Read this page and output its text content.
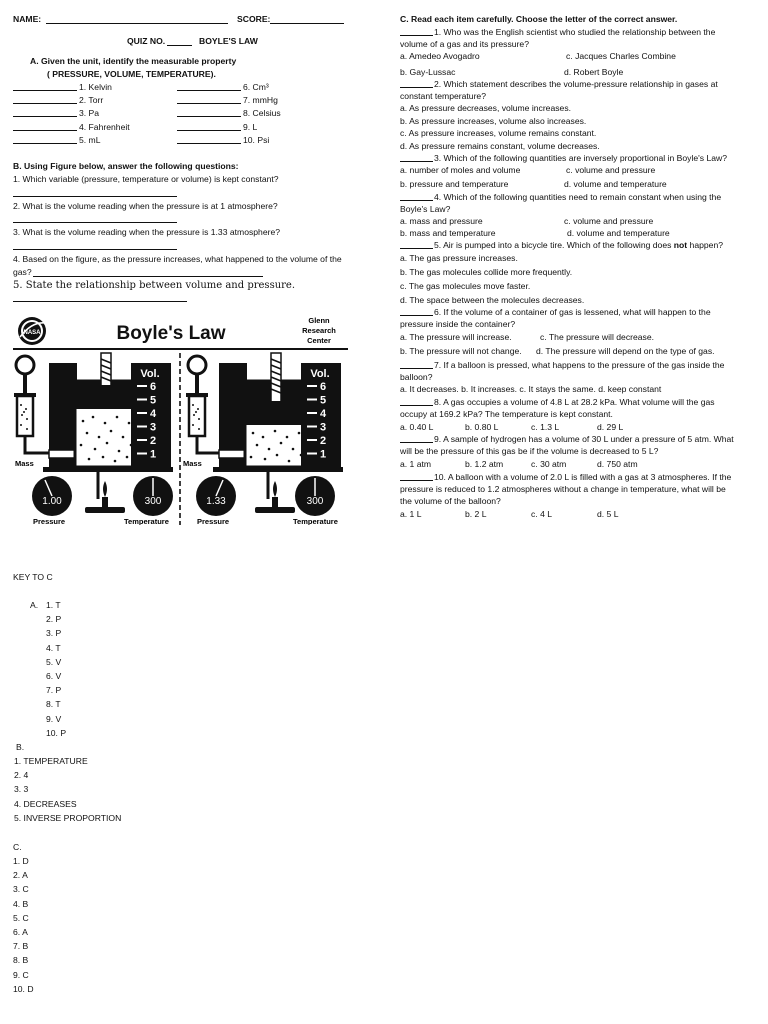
NAME:	SCORE:
QUIZ NO.	BOYLE'S LAW
A. Given the unit, identify the measurable property
( PRESSURE, VOLUME, TEMPERATURE).
1. Kelvin
2. Torr
3. Pa
4. Fahrenheit
5. mL
6. Cm³
7. mmHg
8. Celsius
9. L
10. Psi
B. Using Figure below, answer the following questions:
1. Which variable (pressure, temperature or volume) is kept constant?
2. What is the volume reading when the pressure is at 1 atmosphere?
3. What is the volume reading when the pressure is 1.33 atmosphere?
4. Based on the figure, as the pressure increases, what happened to the volume of the
gas?
5. State the relationship between volume and pressure.
NASA	Boyle's Law
Glenn
Research
Center
Vol.
6
5
4
3
2
1
Mass
1.00
Pressure
300
Temperature
Vol.
6
5
4
3
2
1
Mass
1.33
Pressure
300
Temperature
C. Read each item carefully. Choose the letter of the correct answer.
1. Who was the English scientist who studied the relationship between the
volume of a gas and its pressure?
a. Amedeo Avogadro	c. Jacques Charles Combine
b. Gay-Lussac	d. Robert Boyle
2. Which statement describes the volume-pressure relationship in gases at
constant temperature?
a. As pressure decreases, volume increases.
b. As pressure increases, volume also increases.
c. As pressure increases, volume remains constant.
d. As pressure remains constant, volume decreases.
3. Which of the following quantities are inversely proportional in Boyle's Law?
a. number of moles and volume	c. volume and pressure
b. pressure and temperature	d. volume and temperature
4. Which of the following quantities need to remain constant when using the
Boyle's Law?
a. mass and pressure	c. volume and pressure
b. mass and temperature	d. volume and temperature
5. Air is pumped into a bicycle tire. Which of the following does not happen?
a. The gas pressure increases.
b. The gas molecules collide more frequently.
c. The gas molecules move faster.
d. The space between the molecules decreases.
6. If the volume of a container of gas is lessened, what will happen to the
pressure inside the container?
a. The pressure will increase.	c. The pressure will decrease.
b. The pressure will not change. d. The pressure will depend on the type of gas.
7. If a balloon is pressed, what happens to the pressure of the gas inside the
balloon?
a. It decreases. b. It increases. c. It stays the same. d. keep constant
8. A gas occupies a volume of 4.8 L at 28.2 kPa. What volume will the gas
occupy at 169.2 kPa? The temperature is kept constant.
a. 0.40 L	b. 0.80 L	c. 1.3 L	d. 29 L
9. A sample of hydrogen has a volume of 30 L under a pressure of 5 atm. What
will be the pressure of this gas be if the volume is decreased to 5 L?
a. 1 atm	b. 1.2 atm	c. 30 atm	d. 750 atm
10. A balloon with a volume of 2.0 L is filled with a gas at 3 atmospheres. If the
pressure is reduced to 1.2 atmospheres without a change in temperature, what will be
the volume of the balloon?
a. 1 L	b. 2 L	c. 4 L	d. 5 L
KEY TO C
A. 1. T
2. P
3. P
4. T
5. V
6. V
7. P
8. T
9. V
10. P
B.
1. TEMPERATURE
2. 4
3. 3
4. DECREASES
5. INVERSE PROPORTION
C.
1. D
2. A
3. C
4. B
5. C
6. A
7. B
8. B
9. C
10. D
